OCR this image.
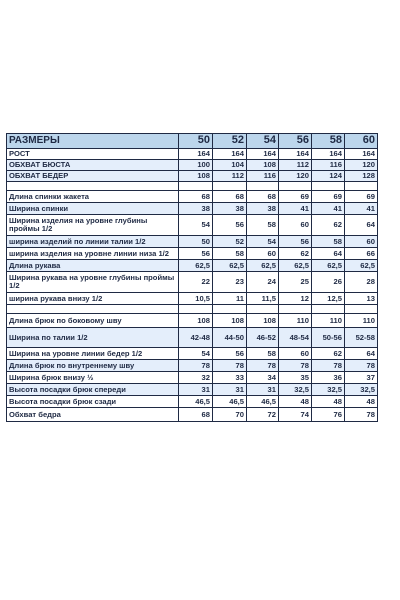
РАЗМЕРЫ	50	52	54	56	58	60
РОСТ	164	164	164	164	164	164
ОБХВАТ БЮСТА	100	104	108	112	116	120
ОБХВАТ БЕДЕР	108	112	116	120	124	128

Длина спинки жакета	68	68	68	69	69	69
Ширина спинки	38	38	38	41	41	41
Ширина изделия на уровне глубины проймы 1/2	54	56	58	60	62	64
ширина изделий по линии талии 1/2	50	52	54	56	58	60
ширина изделия на уровне линии низа 1/2	56	58	60	62	64	66
Длина рукава	62,5	62,5	62,5	62,5	62,5	62,5
Ширина рукава на уровне глубины проймы 1/2	22	23	24	25	26	28
ширина рукава внизу 1/2	10,5	11	11,5	12	12,5	13

Длина брюк по боковому шву	108	108	108	110	110	110
Ширина по талии 1/2	42-48	44-50	46-52	48-54	50-56	52-58
Ширина на уровне линии бедер 1/2	54	56	58	60	62	64
Длина брюк по внутреннему шву	78	78	78	78	78	78
Ширина брюк внизу ½	32	33	34	35	36	37
Высота посадки брюк спереди	31	31	31	32,5	32,5	32,5
Высота посадки брюк сзади	46,5	46,5	46,5	48	48	48
Обхват бедра	68	70	72	74	76	78
